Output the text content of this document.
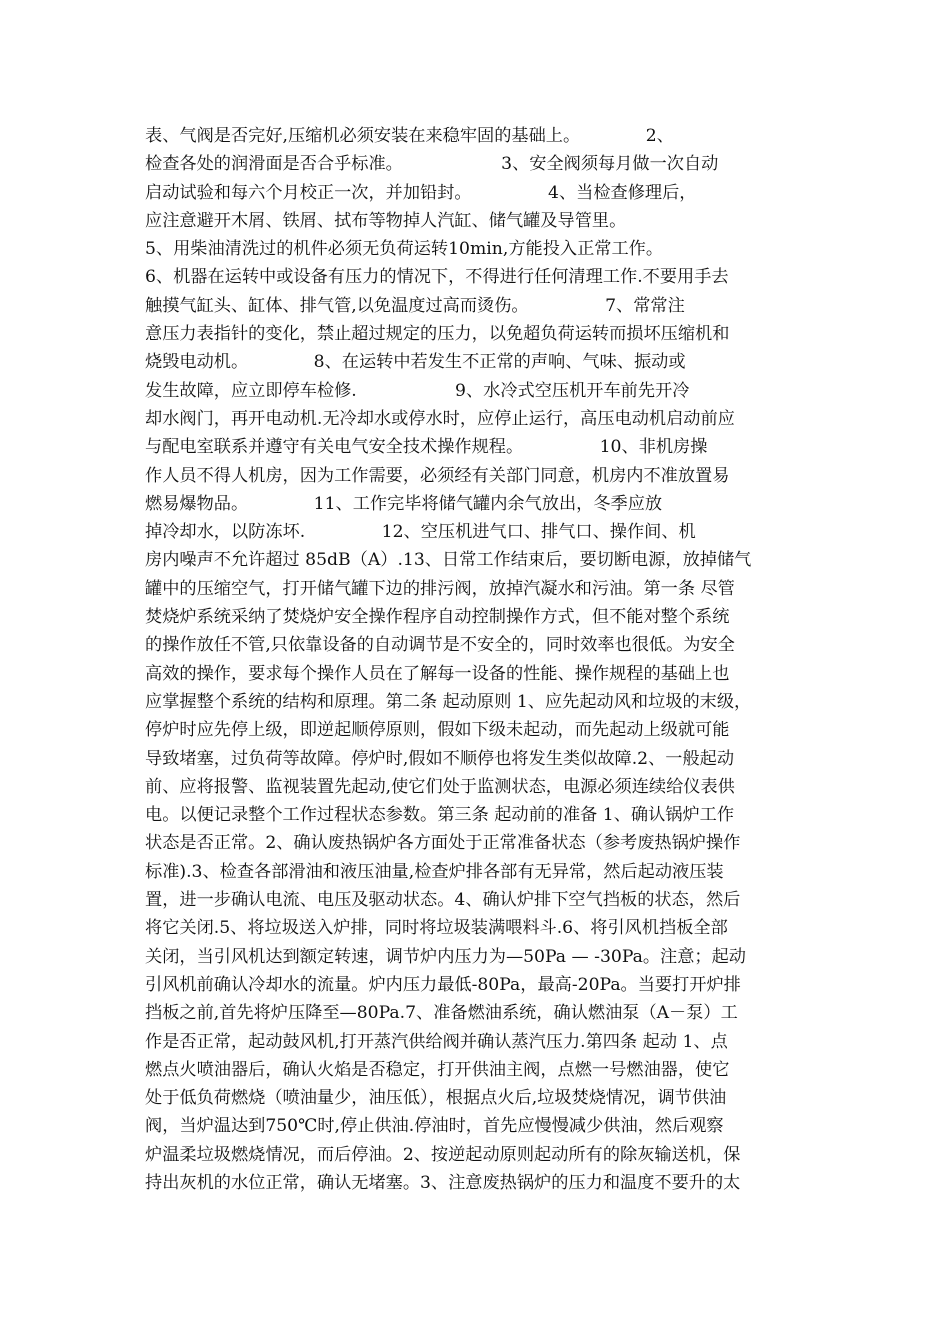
表、气阀是否完好,压缩机必须安装在来稳牢固的基础上。            2、
检查各处的润滑面是否合乎标准。                  3、安全阀须每月做一次自动
启动试验和每六个月校正一次，并加铅封。              4、当检查修理后，
应注意避开木屑、铁屑、拭布等物掉人汽缸、储气罐及导管里。
5、用柴油清洗过的机件必须无负荷运转10min,方能投入正常工作。
6、机器在运转中或设备有压力的情况下，不得进行任何清理工作.不要用手去
触摸气缸头、缸体、排气管,以免温度过高而烫伤。              7、常常注
意压力表指针的变化，禁止超过规定的压力，以免超负荷运转而损坏压缩机和
烧毁电动机。            8、在运转中若发生不正常的声响、气味、振动或
发生故障，应立即停车检修.                  9、水冷式空压机开车前先开冷
却水阀门，再开电动机.无冷却水或停水时，应停止运行，高压电动机启动前应
与配电室联系并遵守有关电气安全技术操作规程。              10、非机房操
作人员不得人机房，因为工作需要，必须经有关部门同意，机房内不准放置易
燃易爆物品。            11、工作完毕将储气罐内余气放出，冬季应放
掉冷却水，以防冻坏.              12、空压机进气口、排气口、操作间、机
房内噪声不允许超过 85dB（A）.13、日常工作结束后，要切断电源，放掉储气
罐中的压缩空气，打开储气罐下边的排污阀，放掉汽凝水和污油。第一条 尽管
焚烧炉系统采纳了焚烧炉安全操作程序自动控制操作方式，但不能对整个系统
的操作放任不管,只依靠设备的自动调节是不安全的，同时效率也很低。为安全
高效的操作，要求每个操作人员在了解每一设备的性能、操作规程的基础上也
应掌握整个系统的结构和原理。第二条 起动原则 1、应先起动风和垃圾的末级，
停炉时应先停上级，即逆起顺停原则，假如下级未起动，而先起动上级就可能
导致堵塞，过负荷等故障。停炉时,假如不顺停也将发生类似故障.2、一般起动
前、应将报警、监视装置先起动,使它们处于监测状态，电源必须连续给仪表供
电。以便记录整个工作过程状态参数。第三条 起动前的准备 1、确认锅炉工作
状态是否正常。2、确认废热锅炉各方面处于正常准备状态（参考废热锅炉操作
标准).3、检查各部滑油和液压油量,检查炉排各部有无异常，然后起动液压装
置，进一步确认电流、电压及驱动状态。4、确认炉排下空气挡板的状态，然后
将它关闭.5、将垃圾送入炉排，同时将垃圾装满喂料斗.6、将引风机挡板全部
关闭，当引风机达到额定转速，调节炉内压力为—50Pa — -30Pa。注意；起动
引风机前确认冷却水的流量。炉内压力最低-80Pa，最高-20Pa。当要打开炉排
挡板之前,首先将炉压降至—80Pa.7、准备燃油系统，确认燃油泵（A－泵）工
作是否正常，起动鼓风机,打开蒸汽供给阀并确认蒸汽压力.第四条 起动 1、点
燃点火喷油器后，确认火焰是否稳定，打开供油主阀，点燃一号燃油器，使它
处于低负荷燃烧（喷油量少，油压低），根据点火后,垃圾焚烧情况，调节供油
阀，当炉温达到750℃时,停止供油.停油时，首先应慢慢减少供油，然后观察
炉温柔垃圾燃烧情况，而后停油。2、按逆起动原则起动所有的除灰输送机，保
持出灰机的水位正常，确认无堵塞。3、注意废热锅炉的压力和温度不要升的太
